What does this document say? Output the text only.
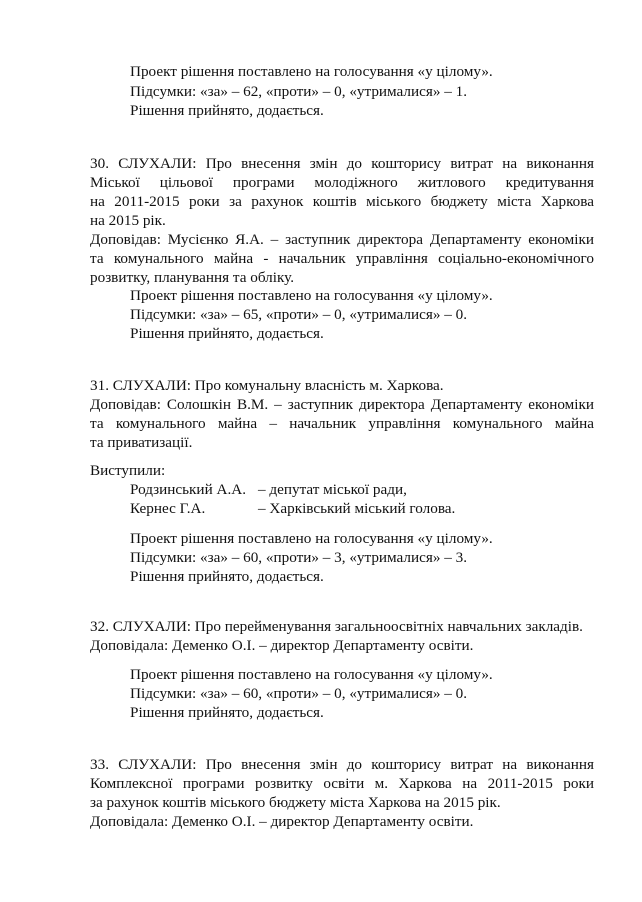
Проект рішення поставлено на голосування «у цілому».
Підсумки: «за» – 62, «проти» – 0, «утрималися» – 1.
Рішення прийнято, додається.
30. СЛУХАЛИ: Про внесення змін до кошторису витрат на виконання
Міської цільової програми молодіжного житлового кредитування
на 2011-2015 роки за рахунок коштів міського бюджету міста Харкова
на 2015 рік.
Доповідав: Мусієнко Я.А. – заступник директора Департаменту економіки
та комунального майна - начальник управління соціально-економічного
розвитку, планування та обліку.
Проект рішення поставлено на голосування «у цілому».
Підсумки: «за» – 65, «проти» – 0, «утрималися» – 0.
Рішення прийнято, додається.
31. СЛУХАЛИ: Про комунальну власність м. Харкова.
Доповідав: Солошкін В.М. – заступник директора Департаменту економіки
та комунального майна – начальник управління комунального майна
та приватизації.
Виступили:
Родзинський А.А. – депутат міської ради,
Кернес Г.А.	– Харківський міський голова.
Проект рішення поставлено на голосування «у цілому».
Підсумки: «за» – 60, «проти» – 3, «утрималися» – 3.
Рішення прийнято, додається.
32. СЛУХАЛИ: Про перейменування загальноосвітніх навчальних закладів.
Доповідала: Деменко О.І. – директор Департаменту освіти.
Проект рішення поставлено на голосування «у цілому».
Підсумки: «за» – 60, «проти» – 0, «утрималися» – 0.
Рішення прийнято, додається.
33. СЛУХАЛИ: Про внесення змін до кошторису витрат на виконання
Комплексної програми розвитку освіти м. Харкова на 2011-2015 роки
за рахунок коштів міського бюджету міста Харкова на 2015 рік.
Доповідала: Деменко О.І. – директор Департаменту освіти.
